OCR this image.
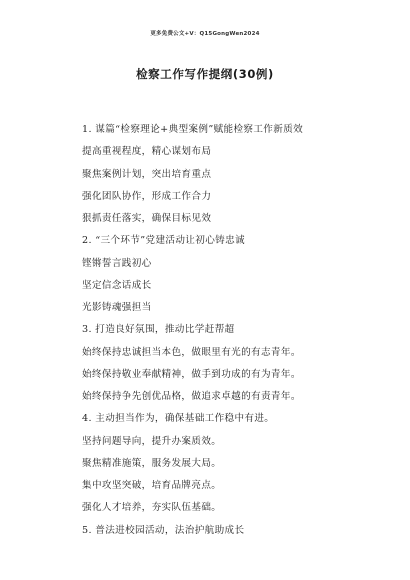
更多免费公文+V：Q15GongWen2024
检察工作写作提纲(30例)
1. 谋篇“检察理论+典型案例”赋能检察工作新质效
提高重视程度，精心谋划布局
聚焦案例计划，突出培育重点
强化团队协作，形成工作合力
狠抓责任落实，确保目标见效
2. “三个环节”党建活动让初心铸忠诚
铿锵誓言践初心
坚定信念话成长
光影铸魂强担当
3. 打造良好氛围，推动比学赶帮超
始终保持忠诚担当本色，做眼里有光的有志青年。
始终保持敬业奉献精神，做手到功成的有为青年。
始终保持争先创优品格，做追求卓越的有责青年。
4. 主动担当作为，确保基础工作稳中有进。
坚持问题导向，提升办案质效。
聚焦精准施策，服务发展大局。
集中攻坚突破，培育品牌亮点。
强化人才培养，夯实队伍基础。
5. 普法进校园活动，法治护航助成长
